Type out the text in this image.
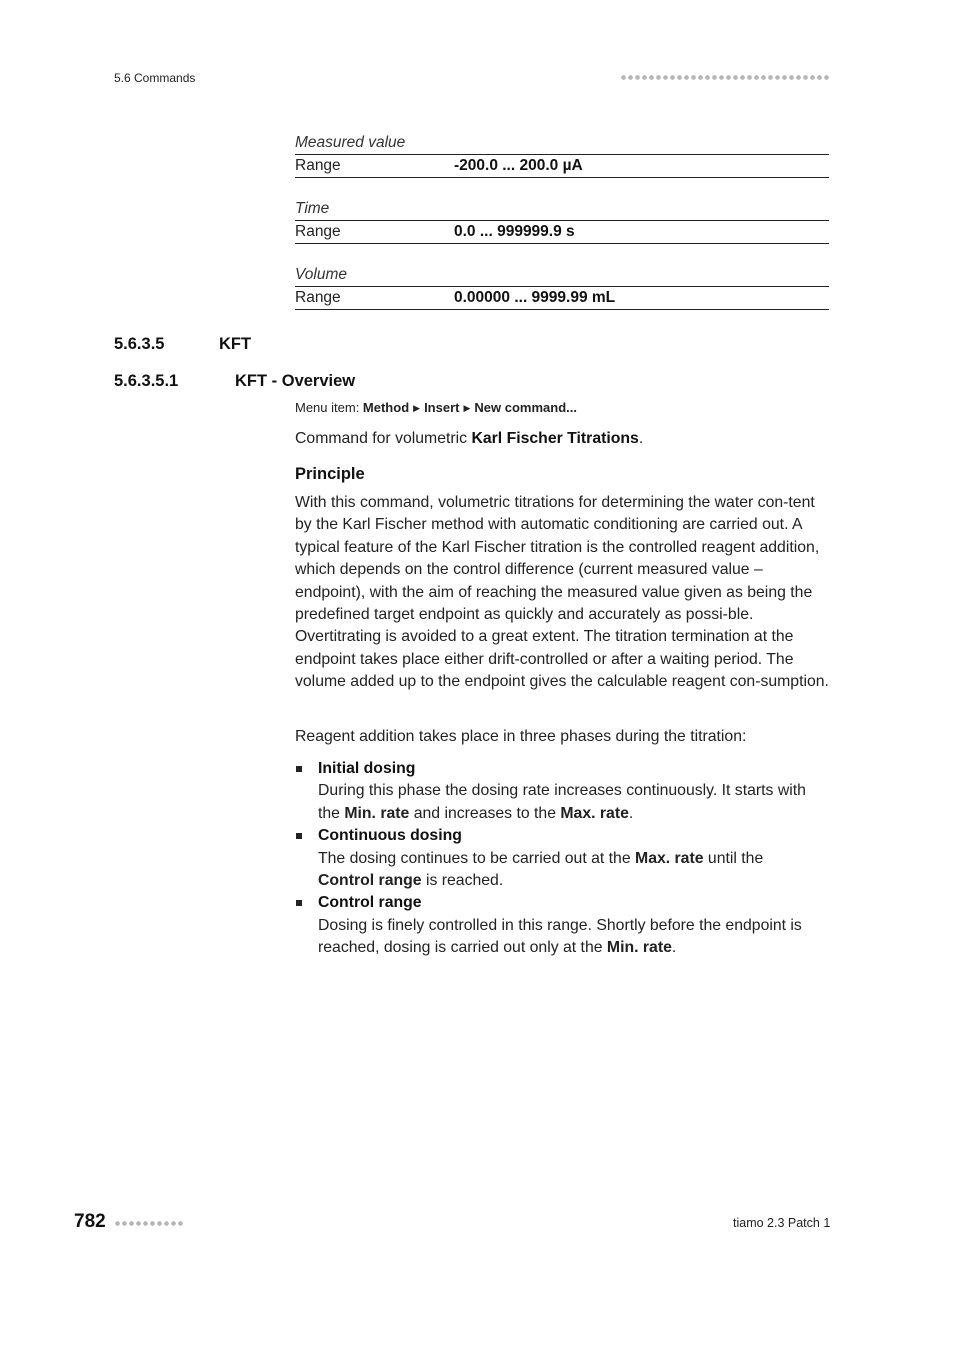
5.6 Commands
Measured value
Range	-200.0 ... 200.0 µA
Time
Range	0.0 ... 999999.9 s
Volume
Range	0.00000 ... 9999.99 mL
5.6.3.5	KFT
5.6.3.5.1	KFT - Overview
Menu item: Method ▶ Insert ▶ New command...
Command for volumetric Karl Fischer Titrations.
Principle
With this command, volumetric titrations for determining the water con-tent by the Karl Fischer method with automatic conditioning are carried out. A typical feature of the Karl Fischer titration is the controlled reagent addition, which depends on the control difference (current measured value – endpoint), with the aim of reaching the measured value given as being the predefined target endpoint as quickly and accurately as possi-ble. Overtitrating is avoided to a great extent. The titration termination at the endpoint takes place either drift-controlled or after a waiting period. The volume added up to the endpoint gives the calculable reagent con-sumption.
Reagent addition takes place in three phases during the titration:
Initial dosing
During this phase the dosing rate increases continuously. It starts with the Min. rate and increases to the Max. rate.
Continuous dosing
The dosing continues to be carried out at the Max. rate until the
Control range is reached.
Control range
Dosing is finely controlled in this range. Shortly before the endpoint is reached, dosing is carried out only at the Min. rate.
782	tiamo 2.3 Patch 1
